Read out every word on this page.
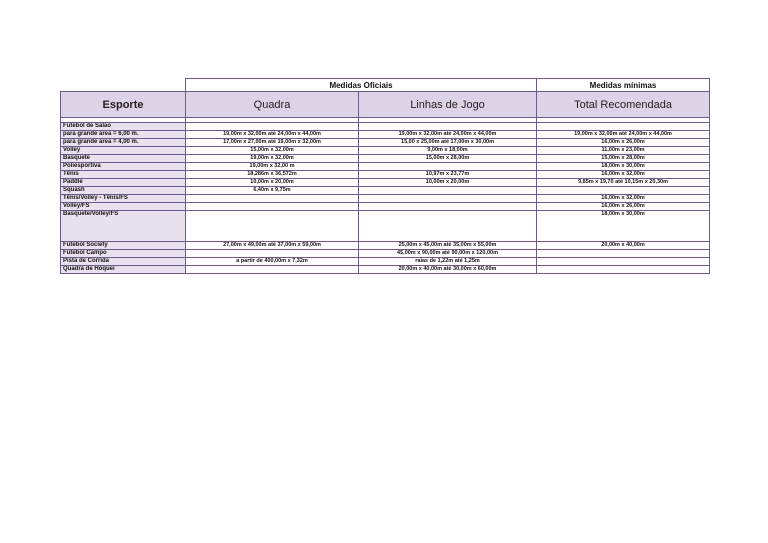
	Medidas Oficiais		Medidas mínimas
Esporte	Quadra	Linhas de Jogo	Total Recomendada

Futebol de Salão			
para grande área = 6,00 m.	19,00m x 32,00m até 24,00m x 44,00m	19,00m x 32,00m até 24,00m x 44,00m	19,00m x 32,00m até 24,00m x 44,00m
para grande área = 4,00 m.	17,00m x 27,00m até 19,00m x 32,00m	15,00 x 25,00m até 17,00m x 30,00m	16,00m x 26,00m
Volley	15,00m x 32,00m	9,00m x 18,00m	11,00m x 23,00m
Basquete	19,00m x 32,00m	15,00m x 28,00m	15,00m x 28,00m
Poliesportiva	19,00m x 32,00 m		18,00m x 30,00m
Tênis	18,286m x 36,572m	10,97m x 23,77m	16,00m x 32,00m
Paddle	10,00m x 20,00m	10,00m x 20,00m	9,85m x 19,70 até 10,15m x 20,30m
Squash	6,40m x 9,75m		
Tênis/Volley - Tênis/FS			16,00m x 32,00m
Volley/FS			16,00m x 26,00m
Basquete/Volley/FS			18,00m x 30,00m
Futebol Society	27,00m x 49,00m até 37,00m x 59,00m	25,00m x 45,00m até 35,00m x 55,00m	20,00m x 40,00m
Futebol Campo		45,00m x 90,00m até 90,00m x 120,00m	
Pista de Corrida	a partir de 400,00m x 7,32m	raias de 1,22m até 1,25m	
Quadra de Hóquei		20,00m x 40,00m até 30,00m x 60,00m	
